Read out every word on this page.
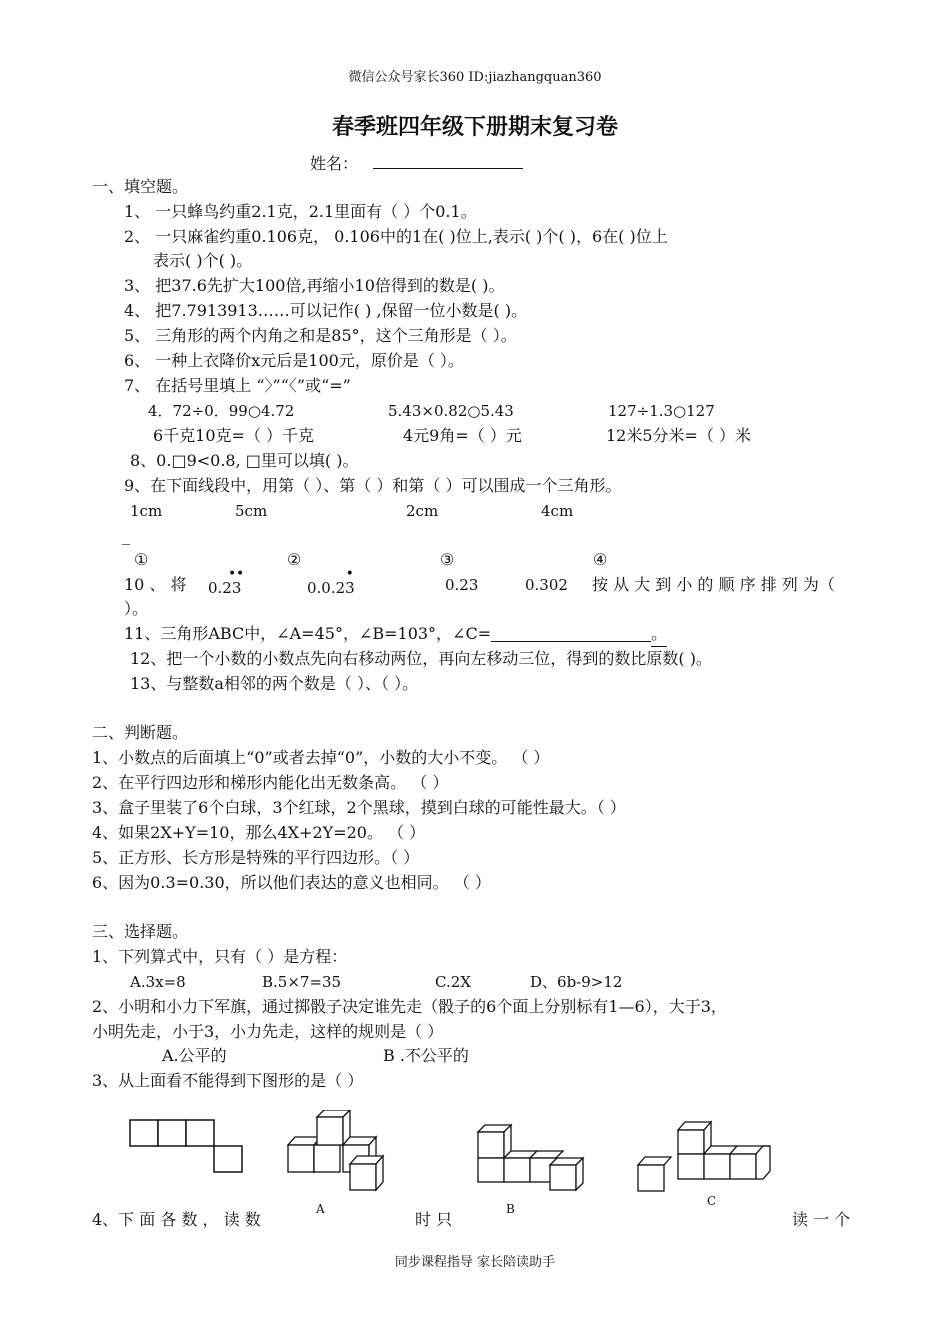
微信公众号家长360 ID:jiazhangquan360
春季班四年级下册期末复习卷
姓名：
一、填空题。
1、 一只蜂鸟约重2.1克，2.1里面有（ ）个0.1。
2、 一只麻雀约重0.106克， 0.106中的1在( )位上,表示( )个( )，6在( )位上
表示( )个( )。
3、 把37.6先扩大100倍,再缩小10倍得到的数是( )。
4、 把7.7913913……可以记作( ) ,保留一位小数是( )。
5、 三角形的两个内角之和是85°，这个三角形是（ ）。
6、 一种上衣降价x元后是100元，原价是（ ）。
7、 在括号里填上 “〉”“〈”或“=”
4．72÷0．99○4.72	5.43×0.82○5.43	127÷1.3○127
6千克10克=（ ）千克	4元9角=（ ）元	12米5分米=（ ）米
8、0.□9<0.8, □里可以填( )。
9、在下面线段中，用第（ ）、第（ ）和第（ ）可以围成一个三角形。
1cm	5cm	2cm	4cm
_
①	②	③	④
10 、 将 0.23
• •
0.0.23
•
0.23	0.302 按 从 大 到 小 的 顺 序 排 列 为（
）。
11、三角形ABC中，∠A=45°，∠B=103°，∠C=	。
12、把一个小数的小数点先向右移动两位，再向左移动三位，得到的数比原数( )。
13、与整数a相邻的两个数是（ ）、（ ）。
二、判断题。
1、小数点的后面填上“0”或者去掉“0”，小数的大小不变。 （ ）
2、在平行四边形和梯形内能化出无数条高。 （ ）
3、盒子里装了6个白球，3个红球，2个黑球，摸到白球的可能性最大。（ ）
4、如果2X+Y=10，那么4X+2Y=20。 （ ）
5、正方形、长方形是特殊的平行四边形。（ ）
6、因为0.3=0.30，所以他们表达的意义也相同。 （ ）
三、选择题。
1、下列算式中，只有（ ）是方程：
A.3x=8	B.5×7=35	C.2X	D、6b-9>12
2、小明和小力下军旗，通过掷骰子决定谁先走（骰子的6个面上分别标有1—6），大于3，
小明先走，小于3，小力先走，这样的规则是（ ）
A.公平的	B .不公平的
3、从上面看不能得到下图形的是（ ）
A	B
C
4、下 面 各 数 ， 读 数	时 只	读 一 个
同步课程指导 家长陪读助手
